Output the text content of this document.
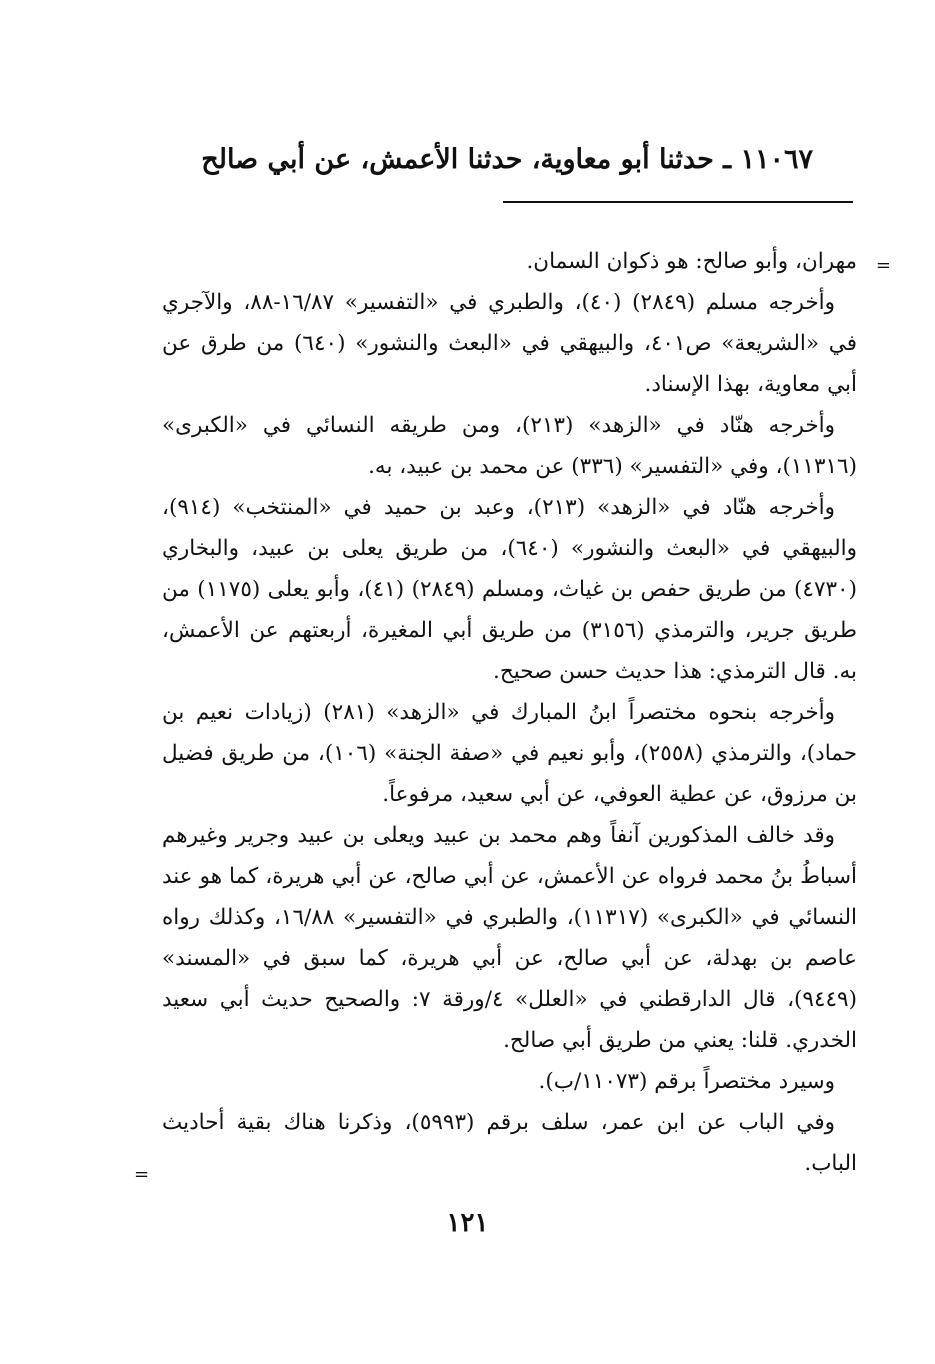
١١٠٦٧ ـ حدثنا أبو معاوية، حدثنا الأعمش، عن أبي صالح
=

مهران، وأبو صالح: هو ذكوان السمان.

وأخرجه مسلم (٢٨٤٩) (٤٠)، والطبري في «التفسير» ١٦/٨٧-٨٨، والآجري في «الشريعة» ص٤٠١، والبيهقي في «البعث والنشور» (٦٤٠) من طرق عن أبي معاوية، بهذا الإسناد.

وأخرجه هنّاد في «الزهد» (٢١٣)، ومن طريقه النسائي في «الكبرى» (١١٣١٦)، وفي «التفسير» (٣٣٦) عن محمد بن عبيد، به.

وأخرجه هنّاد في «الزهد» (٢١٣)، وعبد بن حميد في «المنتخب» (٩١٤)، والبيهقي في «البعث والنشور» (٦٤٠)، من طريق يعلى بن عبيد، والبخاري (٤٧٣٠) من طريق حفص بن غياث، ومسلم (٢٨٤٩) (٤١)، وأبو يعلى (١١٧٥) من طريق جرير، والترمذي (٣١٥٦) من طريق أبي المغيرة، أربعتهم عن الأعمش، به. قال الترمذي: هذا حديث حسن صحيح.

وأخرجه بنحوه مختصراً ابنُ المبارك في «الزهد» (٢٨١) (زيادات نعيم بن حماد)، والترمذي (٢٥٥٨)، وأبو نعيم في «صفة الجنة» (١٠٦)، من طريق فضيل بن مرزوق، عن عطية العوفي، عن أبي سعيد، مرفوعاً.

وقد خالف المذكورين آنفاً وهم محمد بن عبيد ويعلى بن عبيد وجرير وغيرهم أسباطُ بنُ محمد فرواه عن الأعمش، عن أبي صالح، عن أبي هريرة، كما هو عند النسائي في «الكبرى» (١١٣١٧)، والطبري في «التفسير» ١٦/٨٨، وكذلك رواه عاصم بن بهدلة، عن أبي صالح، عن أبي هريرة، كما سبق في «المسند» (٩٤٤٩)، قال الدارقطني في «العلل» ٤/ورقة ٧: والصحيح حديث أبي سعيد الخدري. قلنا: يعني من طريق أبي صالح.

وسيرد مختصراً برقم (١١٠٧٣/ب).

وفي الباب عن ابن عمر، سلف برقم (٥٩٩٣)، وذكرنا هناك بقية أحاديث الباب.

=
١٢١
